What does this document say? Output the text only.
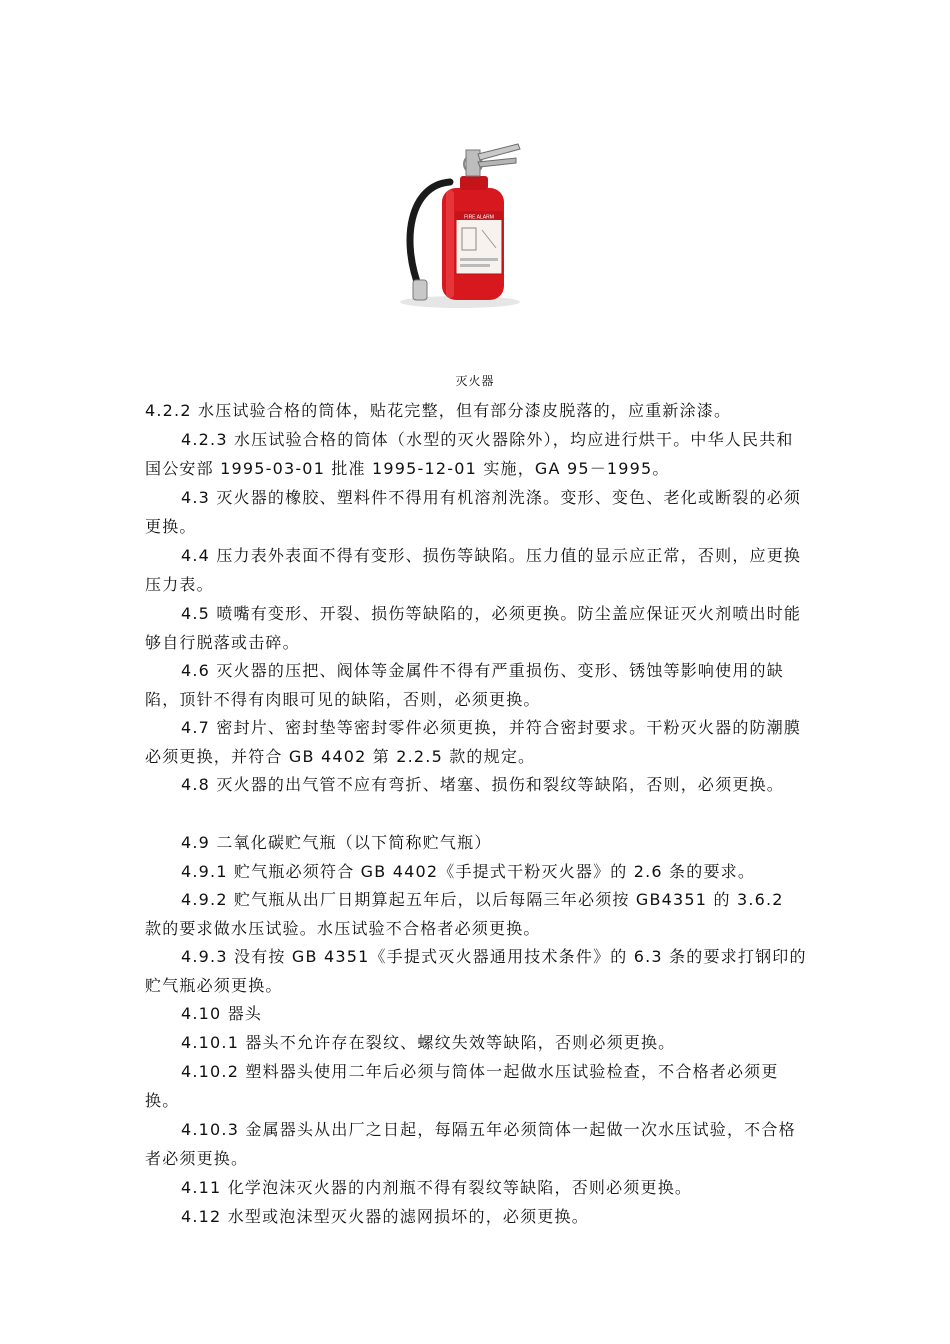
FIRE ALARM
灭火器

4.2.2 水压试验合格的筒体，贴花完整，但有部分漆皮脱落的，应重新涂漆。

4.2.3 水压试验合格的筒体（水型的灭火器除外），均应进行烘干。中华人民共和国公安部 1995-03-01 批准 1995-12-01 实施，GA 95－1995。

4.3 灭火器的橡胶、塑料件不得用有机溶剂洗涤。变形、变色、老化或断裂的必须更换。

4.4 压力表外表面不得有变形、损伤等缺陷。压力值的显示应正常，否则，应更换压力表。

4.5 喷嘴有变形、开裂、损伤等缺陷的，必须更换。防尘盖应保证灭火剂喷出时能够自行脱落或击碎。

4.6 灭火器的压把、阀体等金属件不得有严重损伤、变形、锈蚀等影响使用的缺陷，顶针不得有肉眼可见的缺陷，否则，必须更换。

4.7 密封片、密封垫等密封零件必须更换，并符合密封要求。干粉灭火器的防潮膜必须更换，并符合 GB 4402 第 2.2.5 款的规定。

4.8 灭火器的出气管不应有弯折、堵塞、损伤和裂纹等缺陷，否则，必须更换。

4.9 二氧化碳贮气瓶（以下简称贮气瓶）

4.9.1 贮气瓶必须符合 GB 4402《手提式干粉灭火器》的 2.6 条的要求。

4.9.2 贮气瓶从出厂日期算起五年后，以后每隔三年必须按 GB4351 的 3.6.2 款的要求做水压试验。水压试验不合格者必须更换。

4.9.3 没有按 GB 4351《手提式灭火器通用技术条件》的 6.3 条的要求打钢印的贮气瓶必须更换。

4.10 器头

4.10.1 器头不允许存在裂纹、螺纹失效等缺陷，否则必须更换。

4.10.2 塑料器头使用二年后必须与筒体一起做水压试验检查，不合格者必须更换。

4.10.3 金属器头从出厂之日起，每隔五年必须筒体一起做一次水压试验，不合格者必须更换。

4.11 化学泡沫灭火器的内剂瓶不得有裂纹等缺陷，否则必须更换。

4.12 水型或泡沫型灭火器的滤网损坏的，必须更换。
